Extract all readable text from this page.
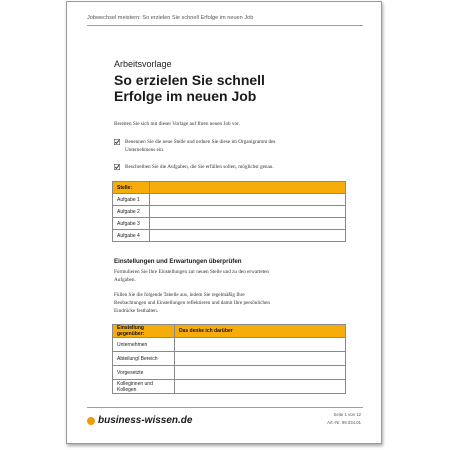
Jobwechsel meistern: So erzielen Sie schnell Erfolge im neuen Job
Arbeitsvorlage
So erzielen Sie schnell
Erfolge im neuen Job
Bereiten Sie sich mit dieser Vorlage auf Ihren neuen Job vor.
Benennen Sie die neue Stelle und ordnen Sie diese im Organigramm des
Unternehmens ein.
Beschreiben Sie die Aufgaben, die Sie erfüllen sollen, möglichst genau.
Stelle:	
Aufgabe 1	
Aufgabe 2	
Aufgabe 3	
Aufgabe 4	
Einstellungen und Erwartungen überprüfen
Formulieren Sie Ihre Einstellungen zur neuen Stelle und zu den erwarteten
Aufgaben.
Füllen Sie die folgende Tabelle aus, indem Sie regelmäßig Ihre
Beobachtungen und Einstellungen reflektieren und damit Ihre persönlichen
Eindrücke festhalten.
Einstellung gegenüber:	Das denke ich darüber
Unternehmen	
Abteilung/ Bereich	
Vorgesetzte	
Kolleginnen und Kollegen	
business-wissen.de
Seite 1 von 12
Art.-Nr. 99.034.01
